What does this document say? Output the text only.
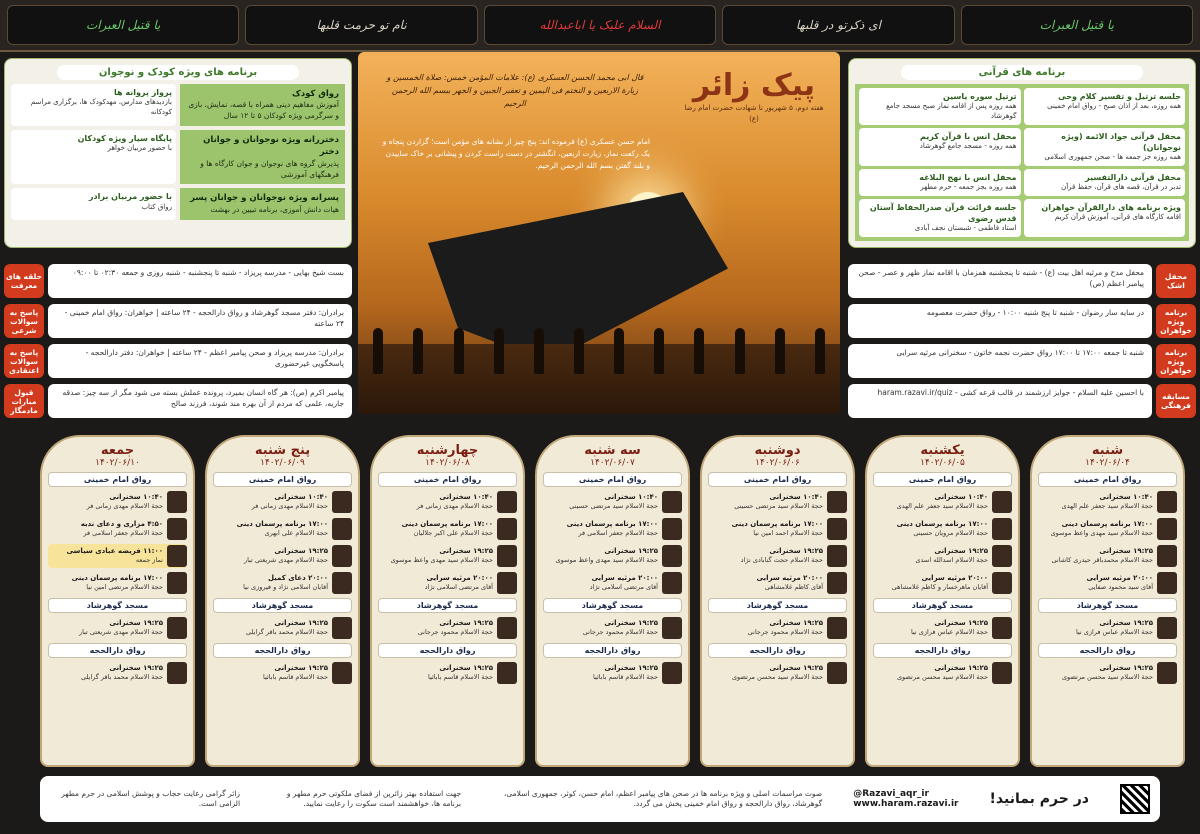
یا قتیل العبرات
ای ذکرتو در قلبها
السلام علیک یا اباعبدالله
نام تو حرمت قلبها
یا قتیل العبرات
برنامه های ویژه کودک و نوجوان
رواق کودک
آموزش مفاهیم دینی همراه با قصه، نمایش، بازی و سرگرمی ویژه کودکان ۵ تا ۱۲ سال
پرواز پروانه ها
بازدیدهای مدارس، مهدکودک ها، برگزاری مراسم کودکانه
دختررانه ویژه نوجوانان و جوانان دختر
پذیرش گروه های نوجوان و جوان کارگاه ها و فرهنگهای آموزشی
پایگاه سیار ویژه کودکان
با حضور مربیان خواهر
پسرانه ویژه نوجوانان و جوانان پسر
هیات دانش آموزی، برنامه تبیین در بهشت
با حضور مربیان برادر
رواق کتاب
برنامه های قرآنی
جلسه ترتیل و تفسیر کلام وحی
همه روزه، بعد از اذان صبح - رواق امام خمینی
ترتیل سوره یاسین
همه روزه پس از اقامه نماز صبح مسجد جامع گوهرشاد
محفل قرآنی جواد الائمه (ویژه نوجوانان)
همه روزه جز جمعه ها - صحن جمهوری اسلامی
محفل انس با قرآن کریم
همه روزه - مسجد جامع گوهرشاد
محفل قرآنی دارالتفسیر
تدبر در قرآن، قصه های قرآن، حفظ قرآن
محفل انس با نهج البلاغه
همه روزه بجز جمعه - حرم مطهر
ویژه برنامه های دارالقرآن خواهران
اقامه کارگاه های قرآنی، آموزش قرآن کریم
جلسه قرائت قرآن صدرالحفاظ آستان قدس رضوی
استاد فاطمی - شبستان نجف آبادی
قال ابی محمد الحسن العسکری (ع): علامات المؤمن خمس: صلاة الخمسین و زیارة الاربعین و التختم فی الیمین و تعفیر الجبین و الجهر ببسم الله الرحمن الرحیم
امام حسن عسکری (ع) فرموده اند: پنج چیز از نشانه های مؤمن است؛ گزاردن پنجاه و یک رکعت نماز، زیارت اربعین، انگشتر در دست راست کردن و پیشانی بر خاک ساییدن و بلند گفتن بسم الله الرحمن الرحیم.
پیک زائر
هفته دوم، ۵ شهریور تا شهادت حضرت امام رضا (ع)
حلقه های معرفت
پاسخ به سوالات شرعی
پاسخ به سوالات اعتقادی
قبول مبارات مادمگار
بست شیخ بهایی - مدرسه پریزاد - شنبه تا پنجشنبه - شنبه روزی و جمعه ۰۲:۳۰ تا ۰۹:۰۰
برادران: دفتر مسجد گوهرشاد و رواق دارالحجه - ۲۴ ساعته | خواهران: رواق امام خمینی - ۲۴ ساعته
برادران: مدرسه پریزاد و صحن پیامبر اعظم - ۲۴ ساعته | خواهران: دفتر دارالحجه - پاسخگویی غیرحضوری
پیامبر اکرم (ص): هر گاه انسان بمیرد، پرونده عملش بسته می شود مگر از سه چیز: صدقه جاریه، علمی که مردم از آن بهره مند شوند، فرزند صالح
محفل اشک
برنامه ویژه خواهران
برنامه ویژه خواهران
مسابقه فرهنگی
محفل مدح و مرثیه اهل بیت (ع) - شنبه تا پنجشنبه همزمان با اقامه نماز ظهر و عصر - صحن پیامبر اعظم (ص)
در سایه سار رضوان - شنبه تا پنج شنبه ۱۰:۰۰ - رواق حضرت معصومه
شنبه تا جمعه ۱۷:۰۰ تا ۱۷:۰۰ رواق حضرت نجمه خاتون - سخنرانی مرثیه سرایی
با احسین علیه السلام - جوایز ارزشمند در قالب قرعه کشی - haram.razavi.ir/quiz
شنبه
۱۴۰۲/۰۶/۰۴
رواق امام خمینی
۱۰:۴۰ سخنرانی
حجة الاسلام سید جعفر علم الهدی
۱۷:۰۰ برنامه پرسمان دینی
حجة الاسلام سید مهدی واعظ موسوی
۱۹:۲۵ سخنرانی
حجة الاسلام محمدباقر حیدری کاشانی
۲۰:۰۰ مرثیه سرایی
آقای سید محمود صفایی
مسجد گوهرشاد
۱۹:۲۵ سخنرانی
حجة الاسلام عباس فرازی نیا
رواق دارالحجه
۱۹:۲۵ سخنرانی
حجة الاسلام سید محسن مرتضوی
یکشنبه
۱۴۰۲/۰۶/۰۵
رواق امام خمینی
۱۰:۴۰ سخنرانی
حجة الاسلام سید جعفر علم الهدی
۱۷:۰۰ برنامه پرسمان دینی
حجة الاسلام مرویان حسینی
۱۹:۲۵ سخنرانی
حجة الاسلام اسدالله اسدی
۲۰:۰۰ مرثیه سرایی
آقایان ماهرخسار و کاظم غلامشاهی
مسجد گوهرشاد
۱۹:۲۵ سخنرانی
حجة الاسلام عباس فرازی نیا
رواق دارالحجه
۱۹:۲۵ سخنرانی
حجة الاسلام سید محسن مرتضوی
دوشنبه
۱۴۰۲/۰۶/۰۶
رواق امام خمینی
۱۰:۴۰ سخنرانی
حجة الاسلام سید مرتضی حسینی
۱۷:۰۰ برنامه پرسمان دینی
حجة الاسلام احمد امین نیا
۱۹:۲۵ سخنرانی
حجة الاسلام حجت گنابادی نژاد
۲۰:۰۰ مرثیه سرایی
آقای کاظم غلامشاهی
مسجد گوهرشاد
۱۹:۲۵ سخنرانی
حجة الاسلام محمود جرجانی
رواق دارالحجه
۱۹:۲۵ سخنرانی
حجة الاسلام سید محسن مرتضوی
سه شنبه
۱۴۰۲/۰۶/۰۷
رواق امام خمینی
۱۰:۴۰ سخنرانی
حجة الاسلام سید مرتضی حسینی
۱۷:۰۰ برنامه پرسمان دینی
حجة الاسلام جعفر اسلامی فر
۱۹:۲۵ سخنرانی
حجة الاسلام سید مهدی واعظ موسوی
۲۰:۰۰ مرثیه سرایی
آقای مرتضی اسلامی نژاد
مسجد گوهرشاد
۱۹:۲۵ سخنرانی
حجة الاسلام محمود جرجانی
رواق دارالحجه
۱۹:۲۵ سخنرانی
حجة الاسلام قاسم بابائیا
چهارشنبه
۱۴۰۲/۰۶/۰۸
رواق امام خمینی
۱۰:۴۰ سخنرانی
حجة الاسلام مهدی زمانی فر
۱۷:۰۰ برنامه پرسمان دینی
حجة الاسلام علی اکبر جلالیان
۱۹:۲۵ سخنرانی
حجة الاسلام سید مهدی واعظ موسوی
۲۰:۰۰ مرثیه سرایی
آقای مرتضی اسلامی نژاد
مسجد گوهرشاد
۱۹:۲۵ سخنرانی
حجة الاسلام محمود جرجانی
رواق دارالحجه
۱۹:۲۵ سخنرانی
حجة الاسلام قاسم بابائیا
پنج شنبه
۱۴۰۲/۰۶/۰۹
رواق امام خمینی
۱۰:۴۰ سخنرانی
حجة الاسلام مهدی زمانی فر
۱۷:۰۰ برنامه پرسمان دینی
حجة الاسلام علی ابهری
۱۹:۲۵ سخنرانی
حجة الاسلام مهدی شریعتی تبار
۲۰:۰۰ دعای کمیل
آقایان اسلامی نژاد و فیروزی نیا
مسجد گوهرشاد
۱۹:۲۵ سخنرانی
حجة الاسلام محمد باقر گرایلی
رواق دارالحجه
۱۹:۲۵ سخنرانی
حجة الاسلام قاسم بابائیا
جمعه
۱۴۰۲/۰۶/۱۰
رواق امام خمینی
۱۰:۴۰ سخنرانی
حجة الاسلام مهدی زمانی فر
۴:۵۰ مزاری و دعای ندبه
حجة الاسلام جعفر اسلامی فر
۱۱:۰۰ فریضه عبادی سیاسی
نماز جمعه
۱۷:۰۰ برنامه پرسمان دینی
حجة الاسلام مرتضی امین نیا
مسجد گوهرشاد
۱۹:۲۵ سخنرانی
حجة الاسلام مهدی شریعتی تبار
رواق دارالحجه
۱۹:۲۵ سخنرانی
حجة الاسلام محمد باقر گرایلی
در حرم بمانید!
@Razavi_aqr_ir
www.haram.razavi.ir
صوت مراسمات اصلی و ویژه برنامه ها در صحن های پیامبر اعظم، امام حسن، کوثر، جمهوری اسلامی، گوهرشاد، رواق دارالحجه و رواق امام خمینی پخش می گردد.
جهت استفاده بهتر زائرین از فضای ملکوتی حرم مطهر و برنامه ها، خواهشمند است سکوت را رعایت نمایید.
زائر گرامی رعایت حجاب و پوشش اسلامی در حرم مطهر الزامی است.
